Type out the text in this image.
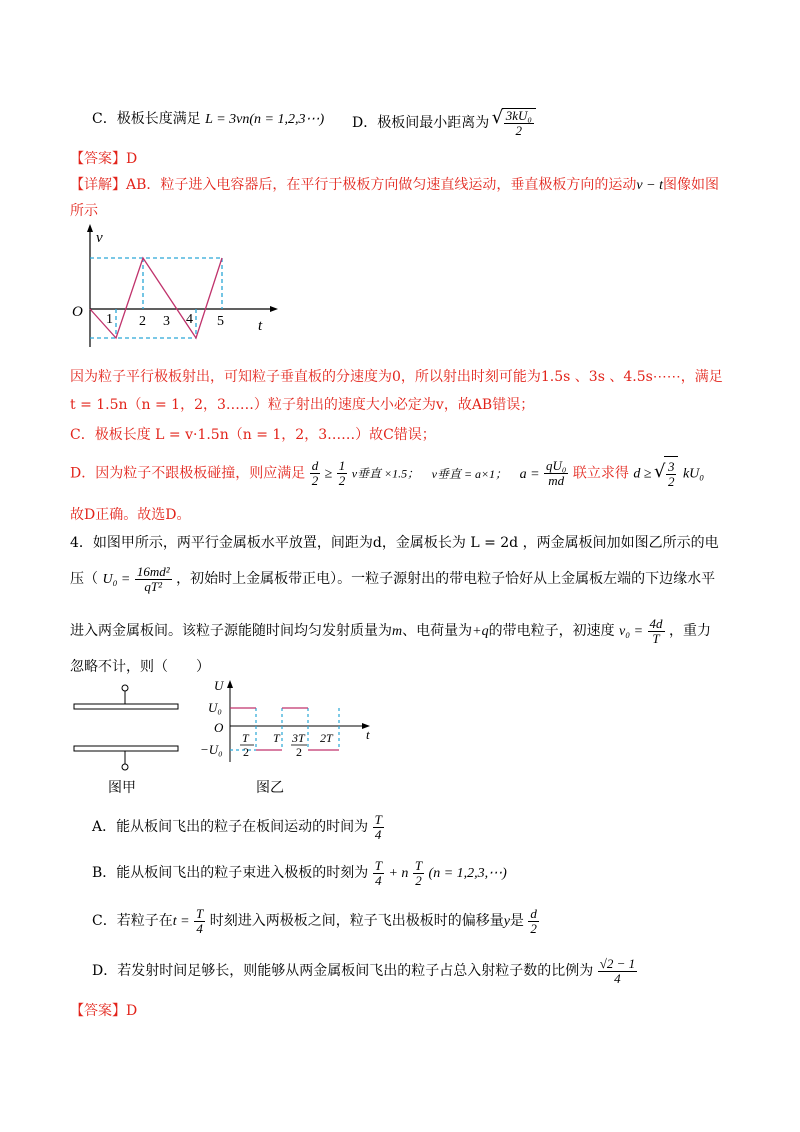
C．极板长度满足 L = 3vn(n = 1,2,3⋯) D．极板间最小距离为 √ $\frac{\text{3kU₀}}{2}$
【答案】D
【详解】AB．粒子进入电容器后，在平行于极板方向做匀速直线运动，垂直极板方向的运动v − t图像如图
所示
v
O
t
1 2 3 4 5
因为粒子平行极板射出，可知粒子垂直板的分速度为0，所以射出时刻可能为1.5s 、3s 、4.5s⋯⋯，满足
t = 1.5n（n = 1，2，3……）粒子射出的速度大小必定为v，故AB错误；
C．极板长度 L = v·1.5n（n = 1，2，3……）故C错误；
D．因为粒子不跟极板碰撞，则应满足 $\frac{d}{2} \ge \frac{1}{2}$ v垂直 ×1.5； v垂直 = a×1； $a = \frac{\text{qU₀}}{md}$ 联立求得 d ≥ √ $\frac{3}{2} kU_0$
故D正确。故选D。
4．如图甲所示，两平行金属板水平放置，间距为d，金属板长为 L = 2d ，两金属板间加如图乙所示的电
压（ $U_0 = \frac{\text{16md²}}{\text{qT²}}$ ，初始时上金属板带正电）。一粒子源射出的带电粒子恰好从上金属板左端的下边缘水平
进入两金属板间。该粒子源能随时间均匀发射质量为m、电荷量为+q的带电粒子，初速度 $v_0 = \frac{4d}{T}$ ，重力
忽略不计，则（　　）
图甲
U
U₀
O
−U₀
t
T
2
T 3T
2
2T
图乙
A．能从板间飞出的粒子在板间运动的时间为 $\frac{T}{4}$
B．能从板间飞出的粒子束进入极板的时刻为 $\frac{T}{4} + n \frac{T}{2} (n$ = 1,2,3,⋯)
C．若粒子在$t = \frac{T}{4}$ 时刻进入两极板之间，粒子飞出极板时的偏移量y是 $\frac{d}{2}$
D．若发射时间足够长，则能够从两金属板间飞出的粒子占总入射粒子数的比例为 $\frac{√2 - 1}{4}$
【答案】D
